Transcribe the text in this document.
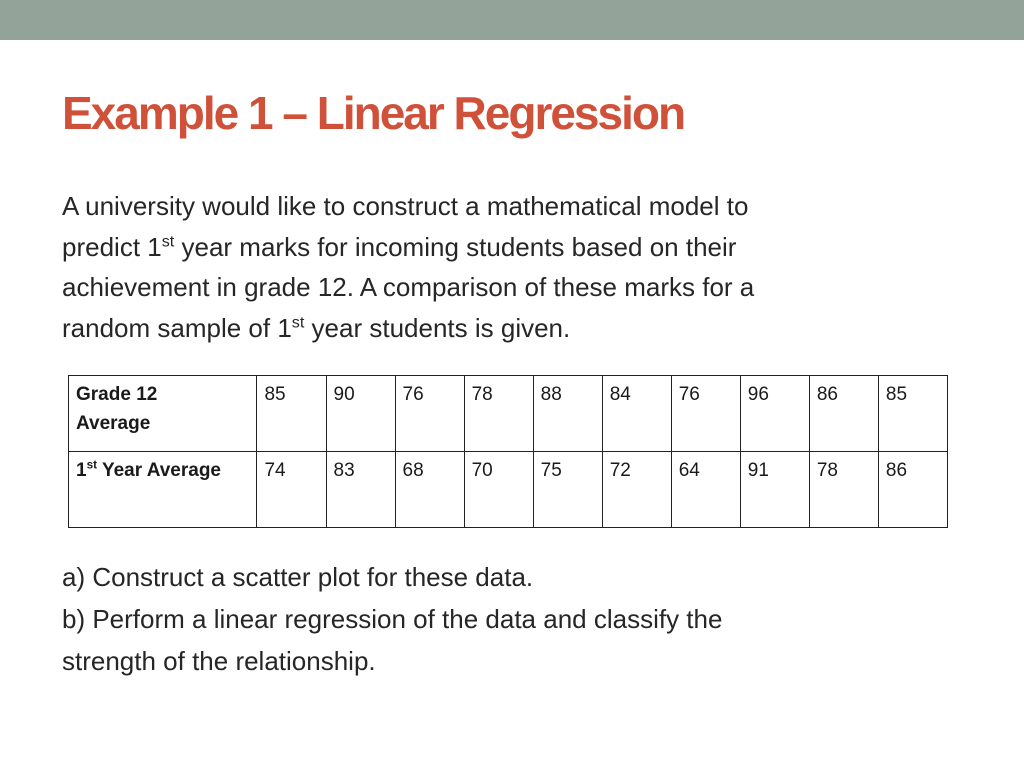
Example 1 – Linear Regression

A university would like to construct a mathematical model to
predict 1st year marks for incoming students based on their
achievement in grade 12. A comparison of these marks for a
random sample of 1st year students is given.

Grade 12 Average	85	90	76	78	88	84	76	96	86	85
1st Year Average	74	83	68	70	75	72	64	91	78	86

a) Construct a scatter plot for these data.
b) Perform a linear regression of the data and classify the
strength of the relationship.
